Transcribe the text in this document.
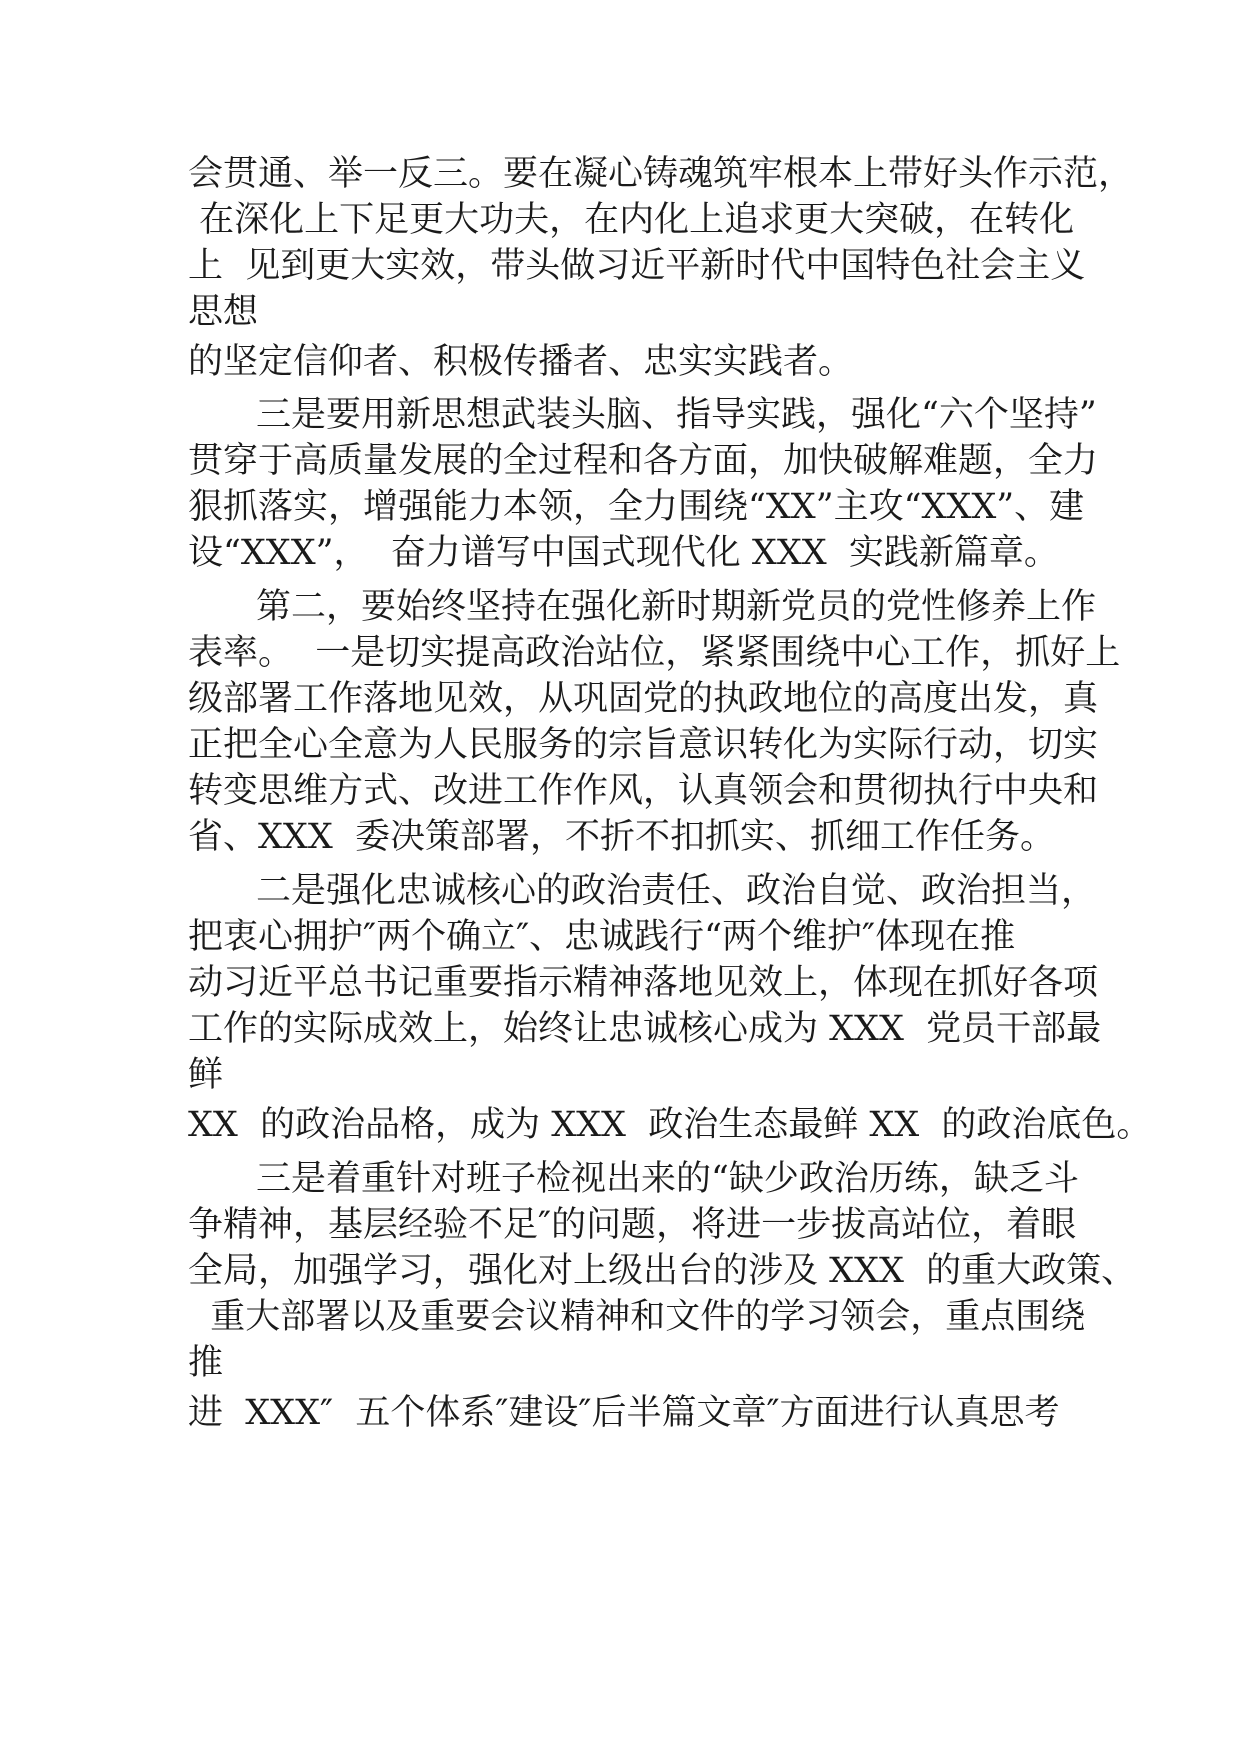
会贯通、举一反三。要在凝心铸魂筑牢根本上带好头作示范，
在深化上下足更大功夫，在内化上追求更大突破，在转化
上  见到更大实效，带头做习近平新时代中国特色社会主义
思想
的坚定信仰者、积极传播者、忠实实践者。
三是要用新思想武装头脑、指导实践，强化“六个坚持”
贯穿于高质量发展的全过程和各方面，加快破解难题，全力
狠抓落实，增强能力本领，全力围绕“XX”主攻“XXX”、建
设“XXX”，  奋力谱写中国式现代化 XXX  实践新篇章。
第二，要始终坚持在强化新时期新党员的党性修养上作
表率。  一是切实提高政治站位，紧紧围绕中心工作，抓好上
级部署工作落地见效，从巩固党的执政地位的高度出发，真
正把全心全意为人民服务的宗旨意识转化为实际行动，切实
转变思维方式、改进工作作风，认真领会和贯彻执行中央和
省、XXX  委决策部署，不折不扣抓实、抓细工作任务。
二是强化忠诚核心的政治责任、政治自觉、政治担当，
把衷心拥护″两个确立″、忠诚践行“两个维护″体现在推
动习近平总书记重要指示精神落地见效上，体现在抓好各项
工作的实际成效上，始终让忠诚核心成为 XXX  党员干部最
鲜
XX  的政治品格，成为 XXX  政治生态最鲜 XX  的政治底色。
三是着重针对班子检视出来的“缺少政治历练，缺乏斗
争精神，基层经验不足″的问题，将进一步拔高站位，着眼
全局，加强学习，强化对上级出台的涉及 XXX  的重大政策、
重大部署以及重要会议精神和文件的学习领会，重点围绕
推
进  XXX″  五个体系″建设″后半篇文章″方面进行认真思考
